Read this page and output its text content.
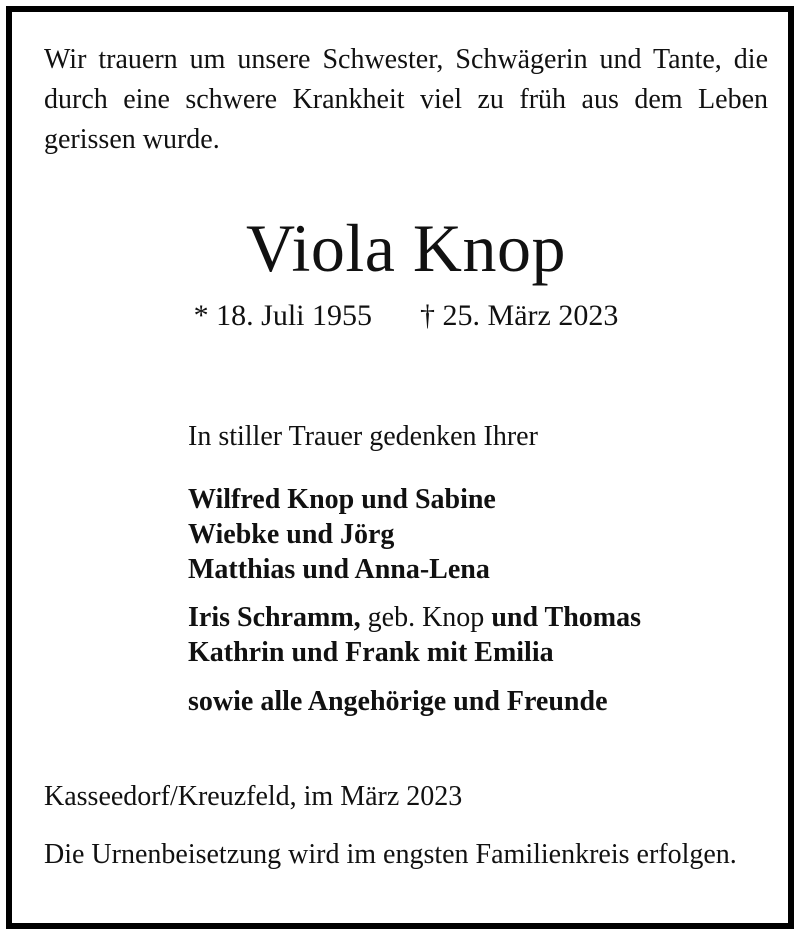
Wir trauern um unsere Schwester, Schwägerin und Tante, die durch eine schwere Krankheit viel zu früh aus dem Leben gerissen wurde.

Viola Knop
* 18. Juli 1955 † 25. März 2023
In stiller Trauer gedenken Ihrer
Wilfred Knop und Sabine
Wiebke und Jörg
Matthias und Anna-Lena
Iris Schramm, geb. Knop und Thomas
Kathrin und Frank mit Emilia
sowie alle Angehörige und Freunde
Kasseedorf/Kreuzfeld, im März 2023

Die Urnenbeisetzung wird im engsten Familienkreis erfolgen.
